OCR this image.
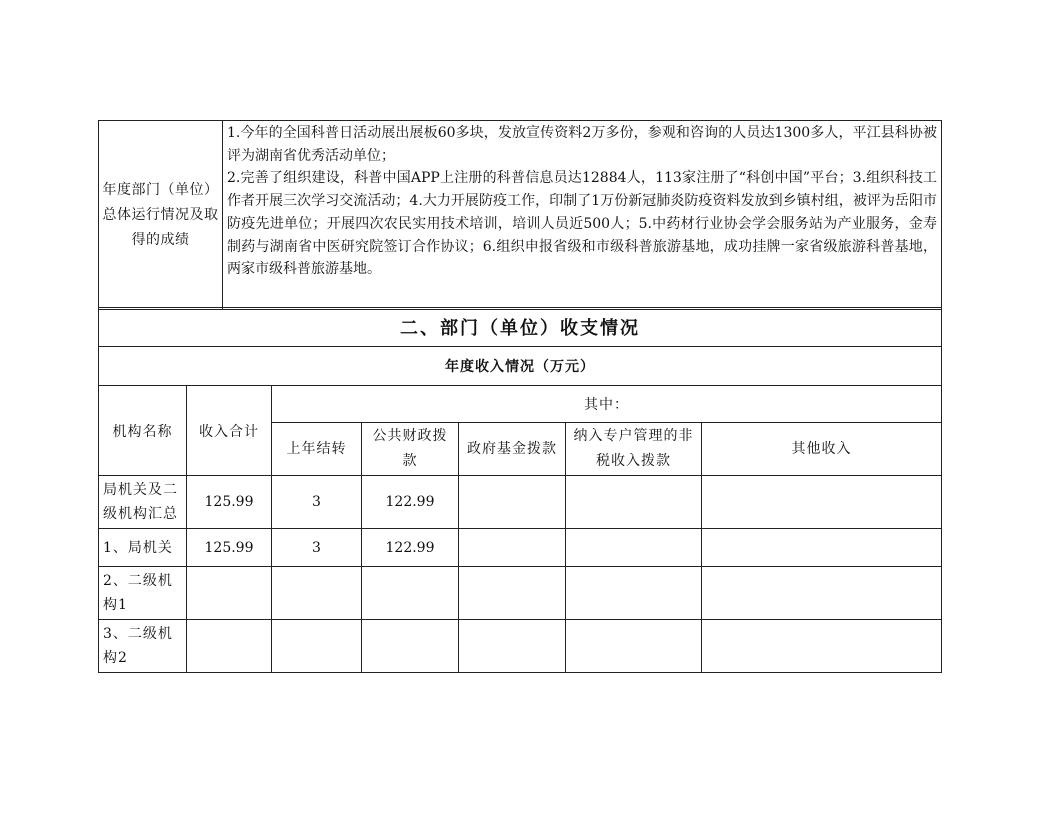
年度部门（单位）总体运行情况及取得的成绩	
1.今年的全国科普日活动展出展板60多块，发放宣传资料2万多份，参观和咨询的人员达1300多人，平江县科协被评为湖南省优秀活动单位；
2.完善了组织建设，科普中国APP上注册的科普信息员达12884人，113家注册了“科创中国”平台；3.组织科技工作者开展三次学习交流活动；4.大力开展防疫工作，印制了1万份新冠肺炎防疫资料发放到乡镇村组，被评为岳阳市防疫先进单位；开展四次农民实用技术培训，培训人员近500人；5.中药材行业协会学会服务站为产业服务，金寿制药与湖南省中医研究院签订合作协议；6.组织申报省级和市级科普旅游基地，成功挂牌一家省级旅游科普基地，两家市级科普旅游基地。
二、部门（单位）收支情况						
年度收入情况（万元）						
机构名称	收入合计	其中：				
		上年结转	公共财政拨款	政府基金拨款	纳入专户管理的非税收入拨款	其他收入
局机关及二级机构汇总	125.99	3	122.99			
1、局机关	125.99	3	122.99			
2、二级机构1						
3、二级机构2						
